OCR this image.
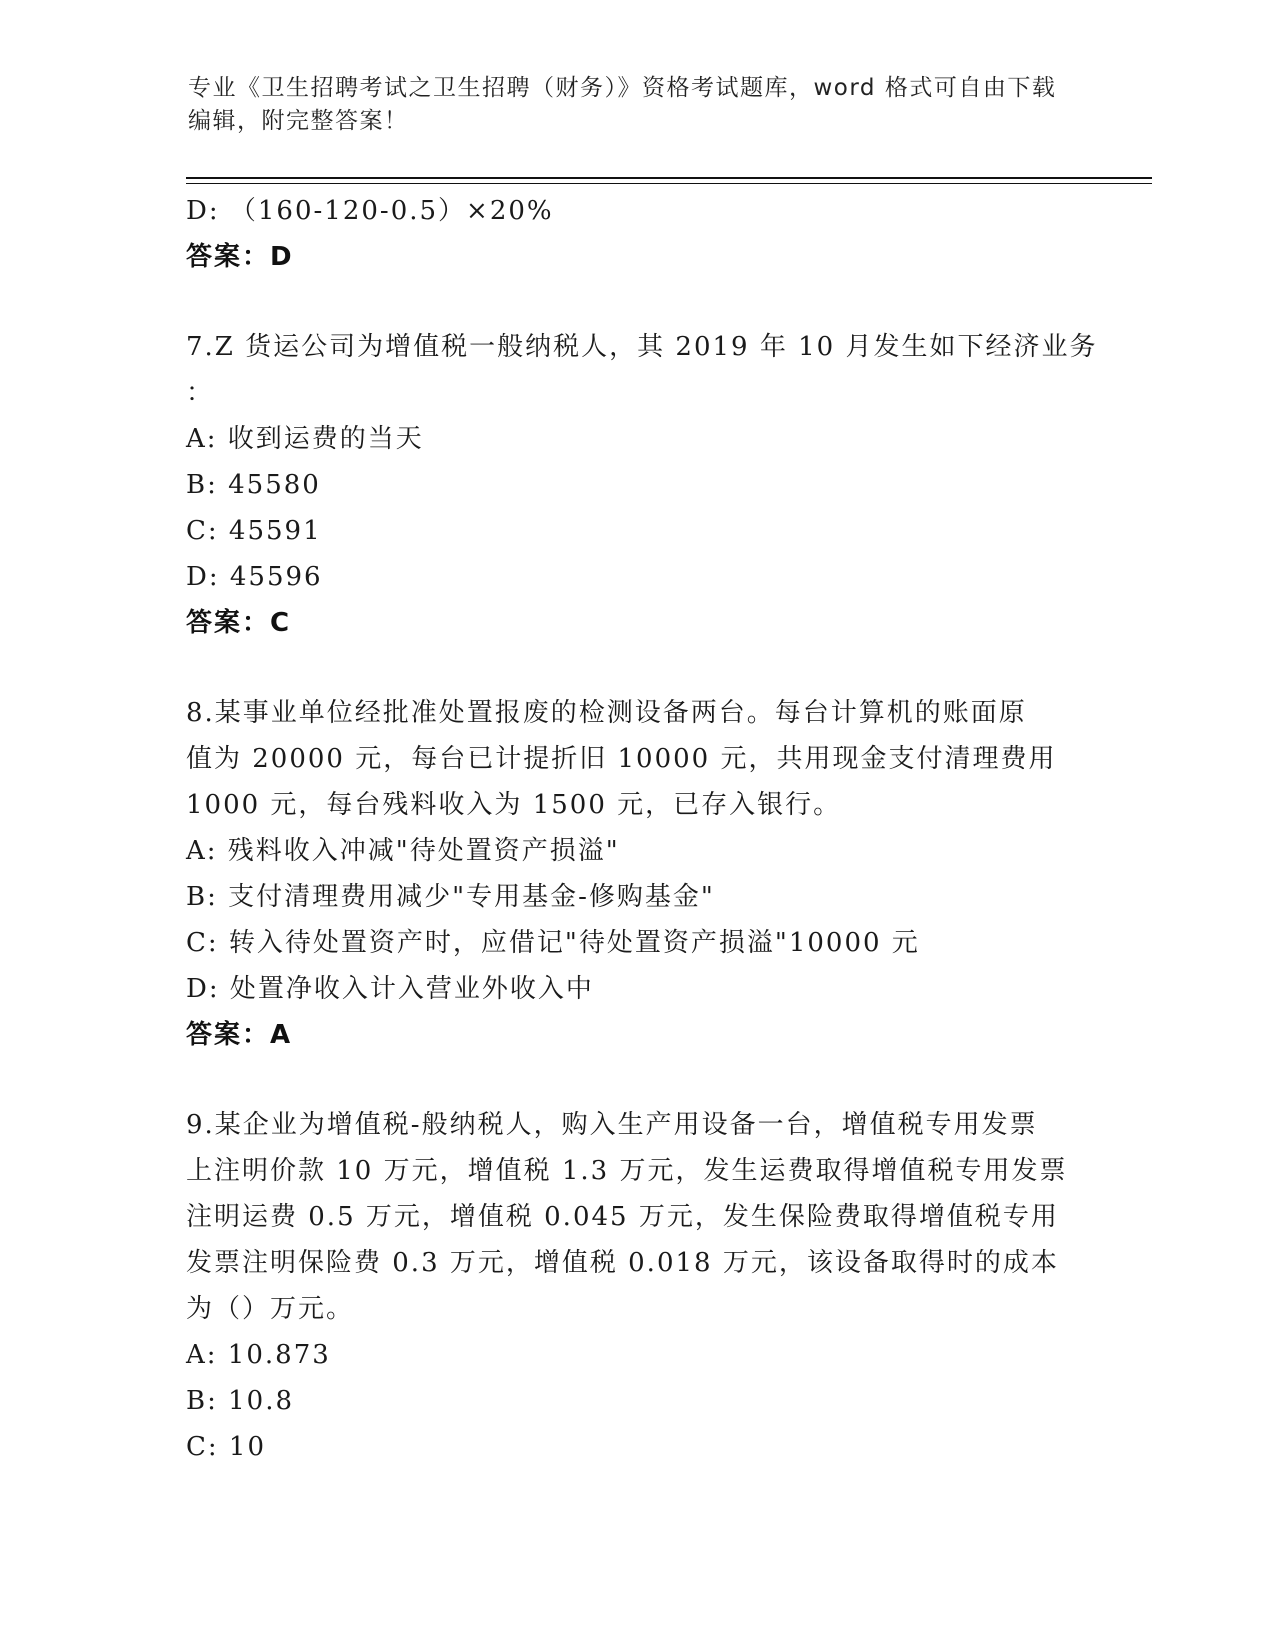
专业《卫生招聘考试之卫生招聘（财务）》资格考试题库，word 格式可自由下载
编辑，附完整答案！
D: （160-120-0.5）×20%
答案：D
7.Z 货运公司为增值税一般纳税人，其 2019 年 10 月发生如下经济业务
：
A: 收到运费的当天
B: 45580
C: 45591
D: 45596
答案：C
8.某事业单位经批准处置报废的检测设备两台。每台计算机的账面原
值为 20000 元，每台已计提折旧 10000 元，共用现金支付清理费用
1000 元，每台残料收入为 1500 元，已存入银行。
A: 残料收入冲减"待处置资产损溢"
B: 支付清理费用减少"专用基金-修购基金"
C: 转入待处置资产时，应借记"待处置资产损溢"10000 元
D: 处置净收入计入营业外收入中
答案：A
9.某企业为增值税-般纳税人，购入生产用设备一台，增值税专用发票
上注明价款 10 万元，增值税 1.3 万元，发生运费取得增值税专用发票
注明运费 0.5 万元，增值税 0.045 万元，发生保险费取得增值税专用
发票注明保险费 0.3 万元，增值税 0.018 万元，该设备取得时的成本
为（）万元。
A: 10.873
B: 10.8
C: 10
